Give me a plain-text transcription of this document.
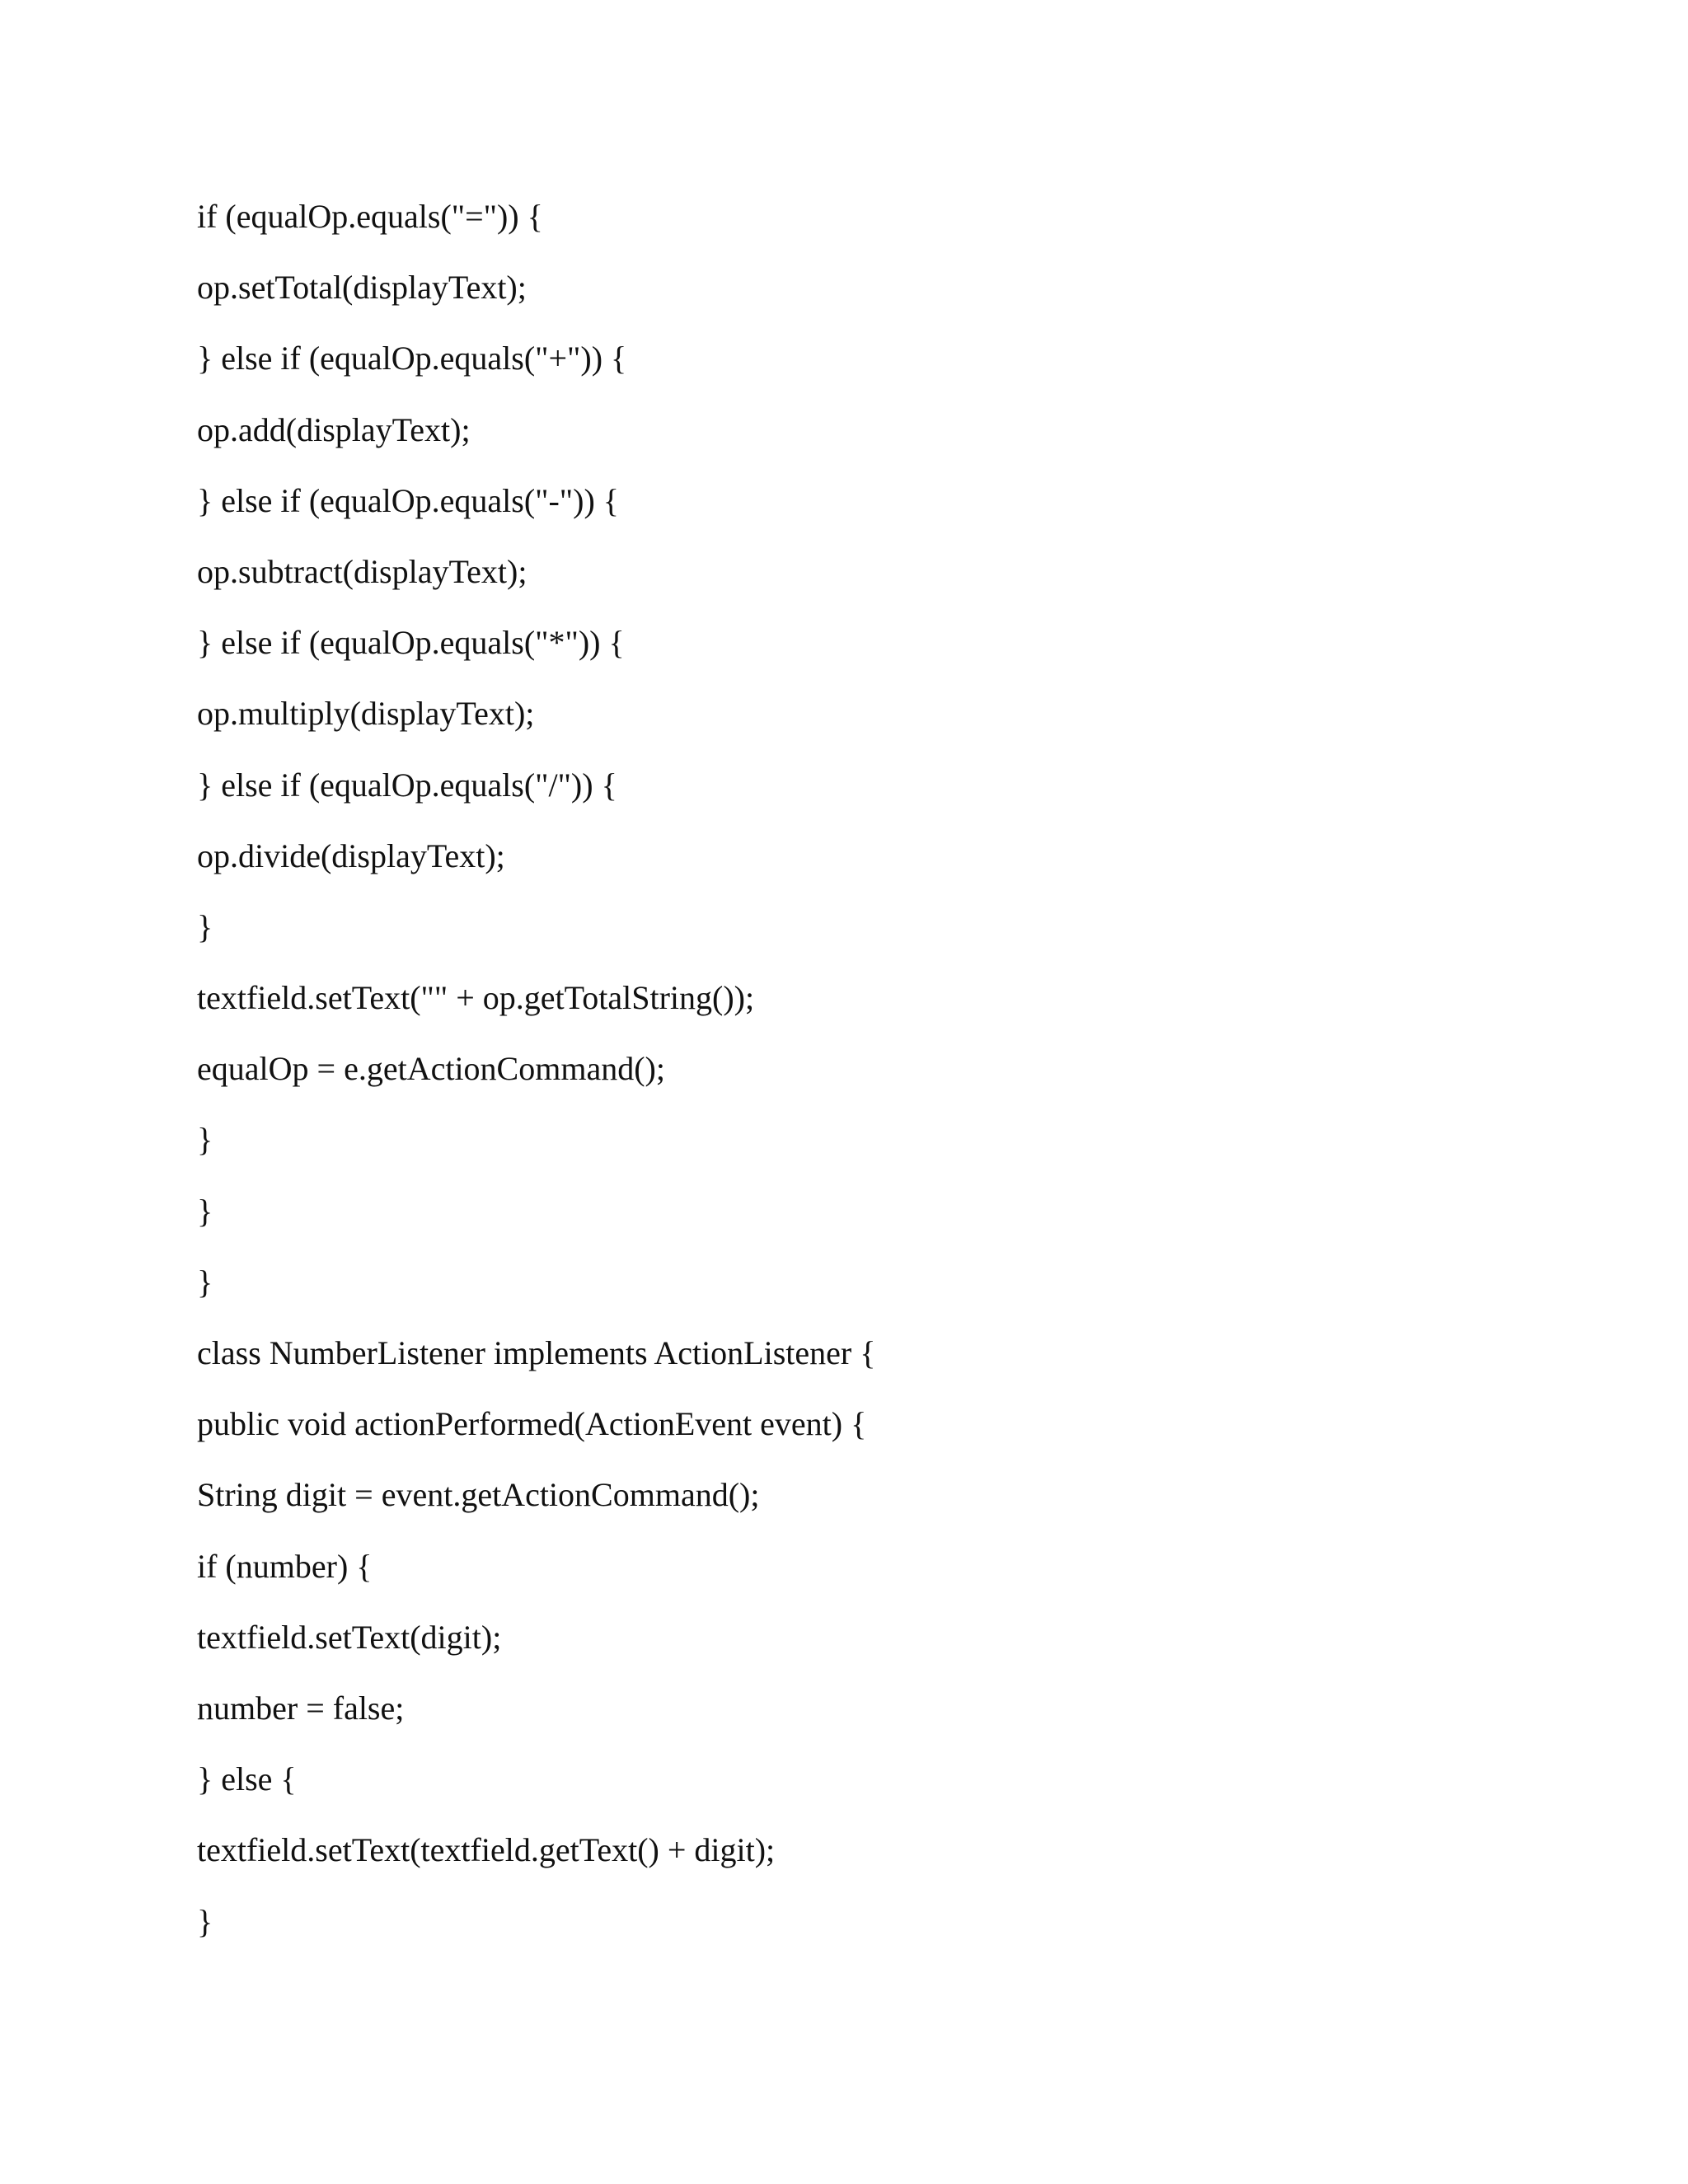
if (equalOp.equals("=")) {
op.setTotal(displayText);
} else if (equalOp.equals("+")) {
op.add(displayText);
} else if (equalOp.equals("-")) {
op.subtract(displayText);
} else if (equalOp.equals("*")) {
op.multiply(displayText);
} else if (equalOp.equals("/")) {
op.divide(displayText);
}
textfield.setText("" + op.getTotalString());
equalOp = e.getActionCommand();
}
}
}
class NumberListener implements ActionListener {
public void actionPerformed(ActionEvent event) {
String digit = event.getActionCommand();
if (number) {
textfield.setText(digit);
number = false;
} else {
textfield.setText(textfield.getText() + digit);
}
